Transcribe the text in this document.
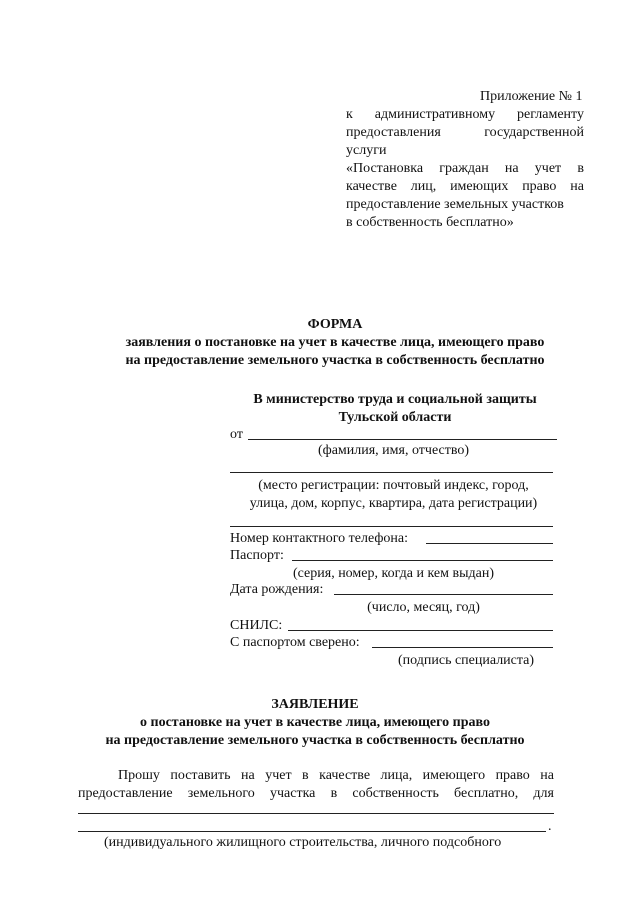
Приложение № 1
к административному регламенту
предоставления	государственной
услуги
«Постановка граждан на учет в
качестве лиц, имеющих право на
предоставление земельных участков
в собственность бесплатно»
ФОРМА
заявления о постановке на учет в качестве лица, имеющего право
на предоставление земельного участка в собственность бесплатно
В министерство труда и социальной защиты
Тульской области
от
(фамилия, имя, отчество)
(место регистрации: почтовый индекс, город,
улица, дом, корпус, квартира, дата регистрации)
Номер контактного телефона:
Паспорт:
(серия, номер, когда и кем выдан)
Дата рождения:
(число, месяц, год)
СНИЛС:
С паспортом сверено:
(подпись специалиста)
ЗАЯВЛЕНИЕ
о постановке на учет в качестве лица, имеющего право
на предоставление земельного участка в собственность бесплатно
Прошу поставить на учет в качестве лица, имеющего право на
предоставление земельного участка в собственность бесплатно, для
.
(индивидуального жилищного строительства, личного подсобного
